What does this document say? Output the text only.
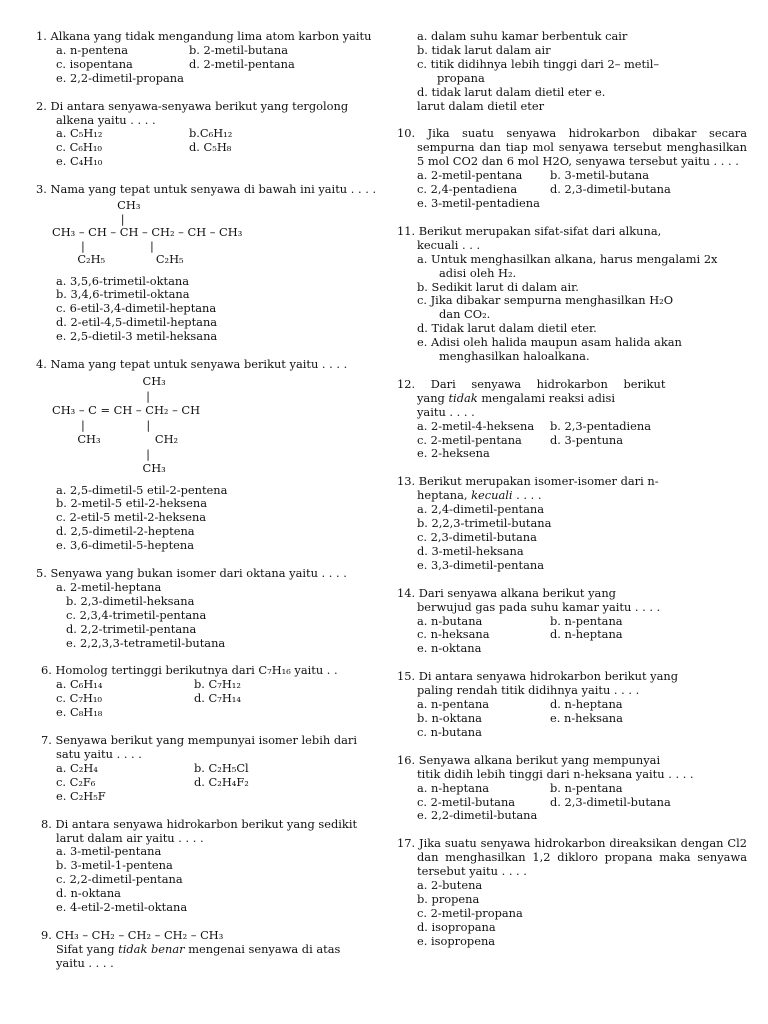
1. Alkana yang tidak mengandung lima atom karbon yaitu
a. n-pentena	b. 2-metil-butana
c. isopentana	d. 2-metil-pentana
e. 2,2-dimetil-propana
2. Di antara senyawa-senyawa berikut yang tergolong
alkena yaitu . . . .
a. C₅H₁₂	b.C₆H₁₂
c. C₆H₁₀	d. C₅H₈
e. C₄H₁₀
3. Nama yang tepat untuk senyawa di bawah ini yaitu . . . .
CH₃
|
CH₃ – CH – CH – CH₂ – CH – CH₃
|                  |
C₂H₅              C₂H₅
a. 3,5,6-trimetil-oktana
b. 3,4,6-trimetil-oktana
c. 6-etil-3,4-dimetil-heptana
d. 2-etil-4,5-dimetil-heptana
e. 2,5-dietil-3 metil-heksana
4. Nama yang tepat untuk senyawa berikut yaitu . . . .
CH₃
|
CH₃ – C = CH – CH₂ – CH
|                 |
CH₃               CH₂
|
CH₃
a. 2,5-dimetil-5 etil-2-pentena
b. 2-metil-5 etil-2-heksena
c. 2-etil-5 metil-2-heksena
d. 2,5-dimetil-2-heptena
e. 3,6-dimetil-5-heptena
5. Senyawa yang bukan isomer dari oktana yaitu . . . .
a. 2-metil-heptana
b. 2,3-dimetil-heksana
c. 2,3,4-trimetil-pentana
d. 2,2-trimetil-pentana
e. 2,2,3,3-tetrametil-butana
6. Homolog tertinggi berikutnya dari C₇H₁₆ yaitu . .
a. C₆H₁₄	b. C₇H₁₂
c. C₇H₁₀	d. C₇H₁₄
e. C₈H₁₈
7. Senyawa berikut yang mempunyai isomer lebih dari
satu yaitu . . . .
a. C₂H₄	b. C₂H₅Cl
c. C₂F₆	d. C₂H₄F₂
e. C₂H₅F
8. Di antara senyawa hidrokarbon berikut yang sedikit
larut dalam air yaitu . . . .
a. 3-metil-pentana
b. 3-metil-1-pentena
c. 2,2-dimetil-pentana
d. n-oktana
e. 4-etil-2-metil-oktana
9. CH₃ – CH₂ – CH₂ – CH₂ – CH₃
Sifat yang tidak benar mengenai senyawa di atas
yaitu . . . .
a. dalam suhu kamar berbentuk cair
b. tidak larut dalam air
c. titik didihnya lebih tinggi dari 2– metil–
propana
d. tidak larut dalam dietil eter e.
larut dalam dietil eter
10. Jika suatu senyawa hidrokarbon dibakar secara sempurna dan tiap mol senyawa tersebut menghasilkan 5 mol CO2 dan 6 mol H2O, senyawa tersebut yaitu . . . .
a. 2-metil-pentana	b. 3-metil-butana
c. 2,4-pentadiena	d. 2,3-dimetil-butana
e. 3-metil-pentadiena
11. Berikut merupakan sifat-sifat dari alkuna,
kecuali . . .
a. Untuk menghasilkan alkana, harus mengalami 2x
adisi oleh H₂.
b. Sedikit larut di dalam air.
c. Jika dibakar sempurna menghasilkan H₂O
dan CO₂.
d. Tidak larut dalam dietil eter.
e. Adisi oleh halida maupun asam halida akan
menghasilkan haloalkana.
12. Dari senyawa hidrokarbon berikut
yang tidak mengalami reaksi adisi
yaitu . . . .
a. 2-metil-4-heksena	b. 2,3-pentadiena
c. 2-metil-pentana	d. 3-pentuna
e. 2-heksena
13. Berikut merupakan isomer-isomer dari n-
heptana, kecuali . . . .
a. 2,4-dimetil-pentana
b. 2,2,3-trimetil-butana
c. 2,3-dimetil-butana
d. 3-metil-heksana
e. 3,3-dimetil-pentana
14. Dari senyawa alkana berikut yang
berwujud gas pada suhu kamar yaitu . . . .
a. n-butana	b. n-pentana
c. n-heksana	d. n-heptana
e. n-oktana
15. Di antara senyawa hidrokarbon berikut yang
paling rendah titik didihnya yaitu . . . .
a. n-pentana	d. n-heptana
b. n-oktana	e. n-heksana
c. n-butana
16. Senyawa alkana berikut yang mempunyai
titik didih lebih tinggi dari n-heksana yaitu . . . .
a. n-heptana	b. n-pentana
c. 2-metil-butana	d. 2,3-dimetil-butana
e. 2,2-dimetil-butana
17. Jika suatu senyawa hidrokarbon direaksikan dengan Cl2 dan menghasilkan 1,2 dikloro propana maka senyawa tersebut yaitu . . . .
a. 2-butena
b. propena
c. 2-metil-propana
d. isopropana
e. isopropena
